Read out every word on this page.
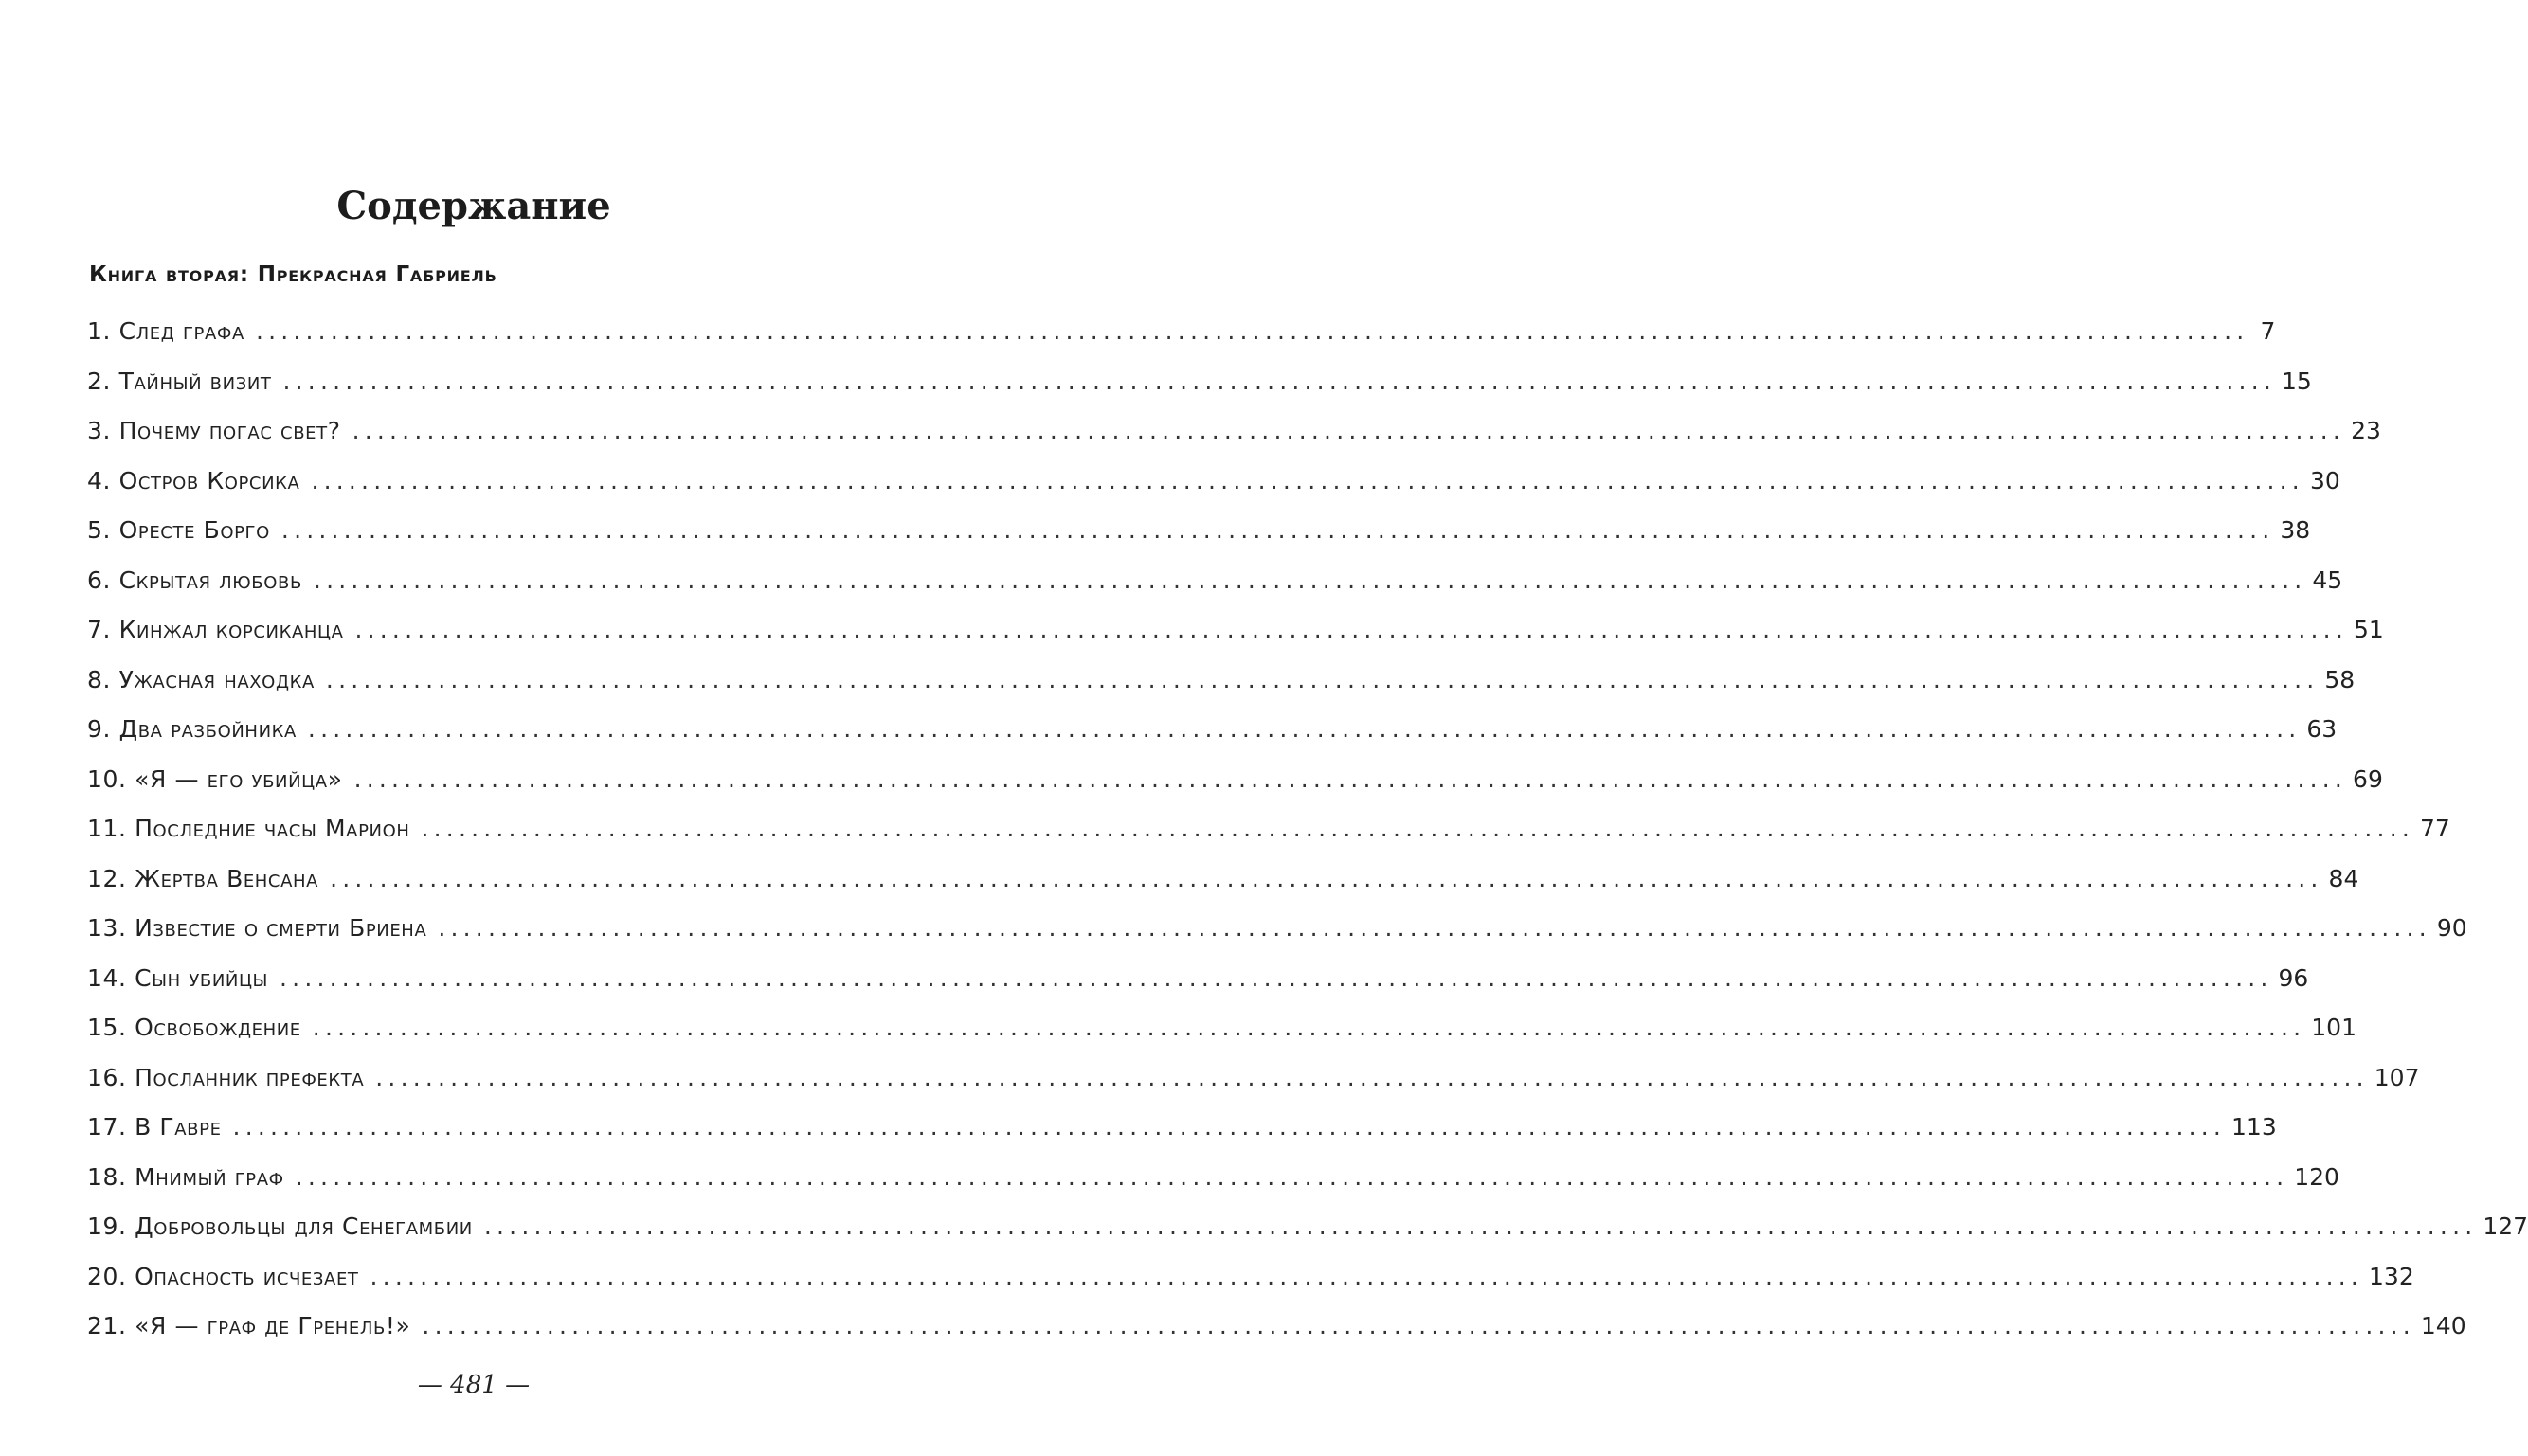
Содержание
Книга вторая: Прекрасная Габриель
1. След графа ................................................................................................................................................................ 7
2. Тайный визит ................................................................................................................................................................ 15
3. Почему погас свет? ................................................................................................................................................................ 23
4. Остров Корсика ................................................................................................................................................................ 30
5. Оресте Борго ................................................................................................................................................................ 38
6. Скрытая любовь ................................................................................................................................................................ 45
7. Кинжал корсиканца ................................................................................................................................................................ 51
8. Ужасная находка ................................................................................................................................................................ 58
9. Два разбойника ................................................................................................................................................................ 63
10. «Я — его убийца» ................................................................................................................................................................ 69
11. Последние часы Марион ................................................................................................................................................................ 77
12. Жертва Венсана ................................................................................................................................................................ 84
13. Известие о смерти Бриена ................................................................................................................................................................ 90
14. Сын убийцы ................................................................................................................................................................ 96
15. Освобождение ................................................................................................................................................................ 101
16. Посланник префекта ................................................................................................................................................................ 107
17. В Гавре ................................................................................................................................................................ 113
18. Мнимый граф ................................................................................................................................................................ 120
19. Добровольцы для Сенегамбии ................................................................................................................................................................ 127
20. Опасность исчезает ................................................................................................................................................................ 132
21. «Я — граф де Гренель!» ................................................................................................................................................................ 140
— 481 —
